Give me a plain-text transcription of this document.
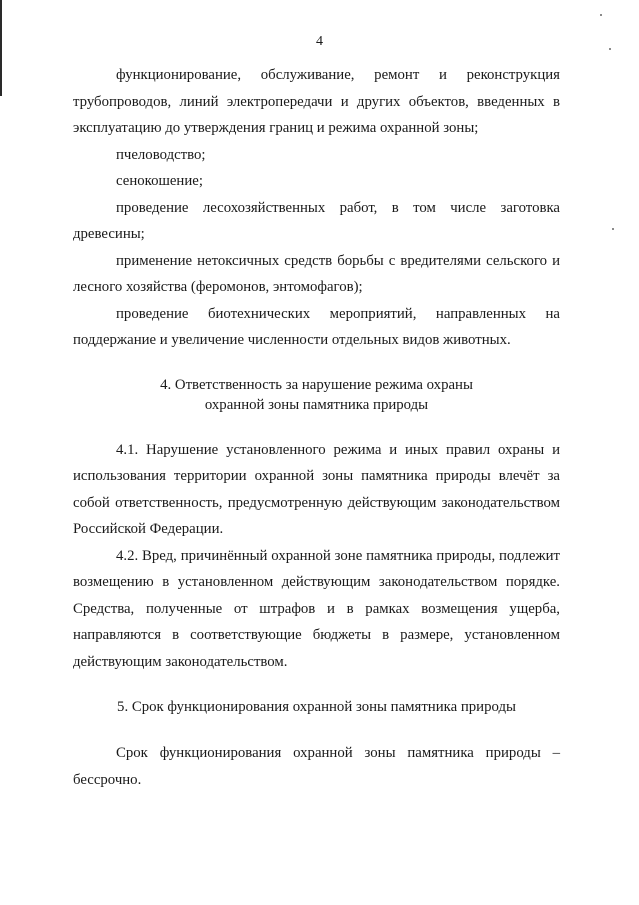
4

функционирование, обслуживание, ремонт и реконструкция трубопроводов, линий электропередачи и других объектов, введенных в эксплуатацию до утверждения границ и режима охранной зоны;

пчеловодство;

сенокошение;

проведение лесохозяйственных работ, в том числе заготовка древесины;

применение нетоксичных средств борьбы с вредителями сельского и лесного хозяйства (феромонов, энтомофагов);

проведение биотехнических мероприятий, направленных на поддержание и увеличение численности отдельных видов животных.

4. Ответственность за нарушение режима охраны
охранной зоны памятника природы

4.1. Нарушение установленного режима и иных правил охраны и использования территории охранной зоны памятника природы влечёт за собой ответственность, предусмотренную действующим законодательством Российской Федерации.

4.2. Вред, причинённый охранной зоне памятника природы, подлежит возмещению в установленном действующим законодательством порядке. Средства, полученные от штрафов и в рамках возмещения ущерба, направляются в соответствующие бюджеты в размере, установленном действующим законодательством.

5. Срок функционирования охранной зоны памятника природы

Срок функционирования охранной зоны памятника природы – бессрочно.
